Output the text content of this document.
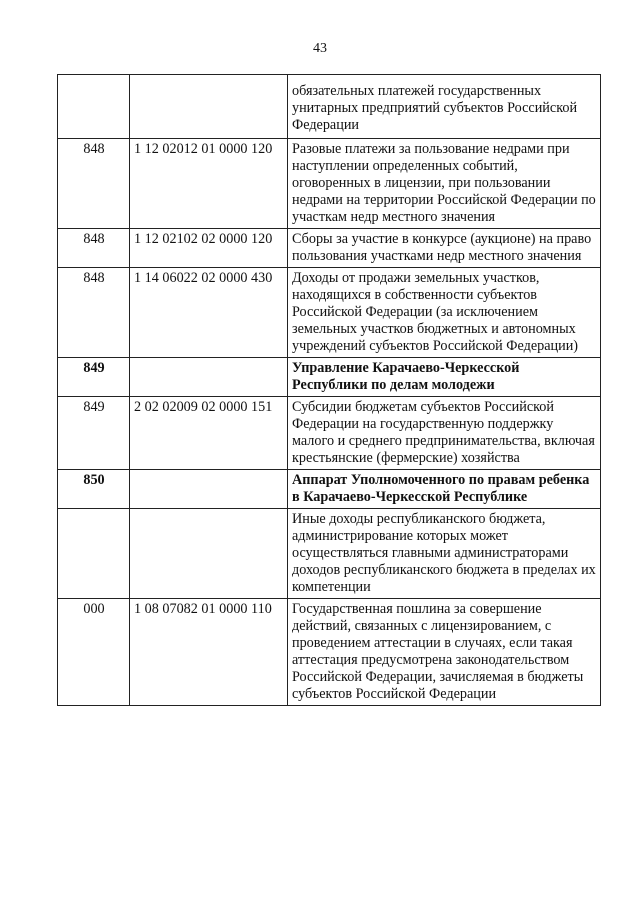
43
		обязательных платежей государственных унитарных предприятий субъектов Российской Федерации
848	1 12 02012 01 0000 120	Разовые платежи за пользование недрами при наступлении определенных событий, оговоренных в лицензии, при пользовании недрами на территории Российской Федерации по участкам недр местного значения
848	1 12 02102 02 0000 120	Сборы за участие в конкурсе (аукционе) на право пользования участками недр местного значения
848	1 14 06022 02 0000 430	Доходы от продажи земельных участков, находящихся в собственности субъектов Российской Федерации (за исключением земельных участков бюджетных и автономных учреждений субъектов Российской Федерации)
849		Управление Карачаево-Черкесской Республики по делам молодежи
849	2 02 02009 02 0000 151	Субсидии бюджетам субъектов Российской Федерации на государственную поддержку малого и среднего предпринимательства, включая крестьянские (фермерские) хозяйства
850		Аппарат Уполномоченного по правам ребенка в Карачаево-Черкесской Республике
		Иные доходы республиканского бюджета, администрирование которых может осуществляться главными администраторами доходов республиканского бюджета в пределах их компетенции
000	1 08 07082 01 0000 110	Государственная пошлина за совершение действий, связанных с лицензированием, с проведением аттестации в случаях, если такая аттестация предусмотрена законодательством Российской Федерации, зачисляемая в бюджеты субъектов Российской Федерации
